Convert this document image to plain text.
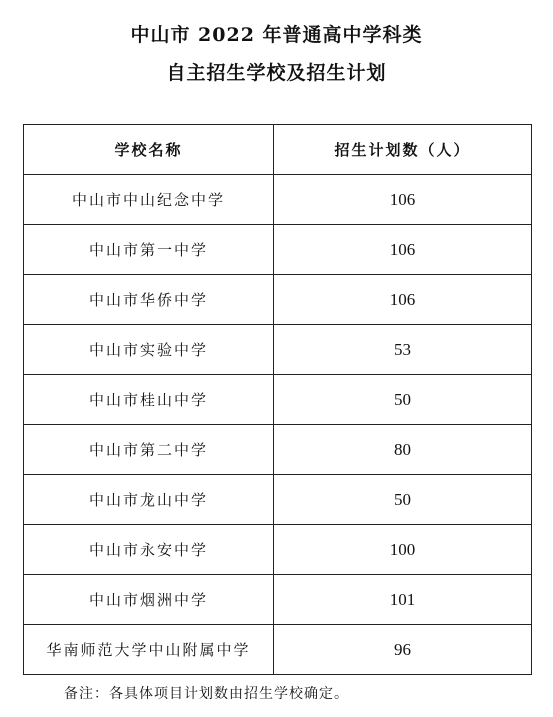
中山市 2022 年普通高中学科类
自主招生学校及招生计划
学校名称	招生计划数（人）
中山市中山纪念中学	106
中山市第一中学	106
中山市华侨中学	106
中山市实验中学	53
中山市桂山中学	50
中山市第二中学	80
中山市龙山中学	50
中山市永安中学	100
中山市烟洲中学	101
华南师范大学中山附属中学	96
备注：各具体项目计划数由招生学校确定。
